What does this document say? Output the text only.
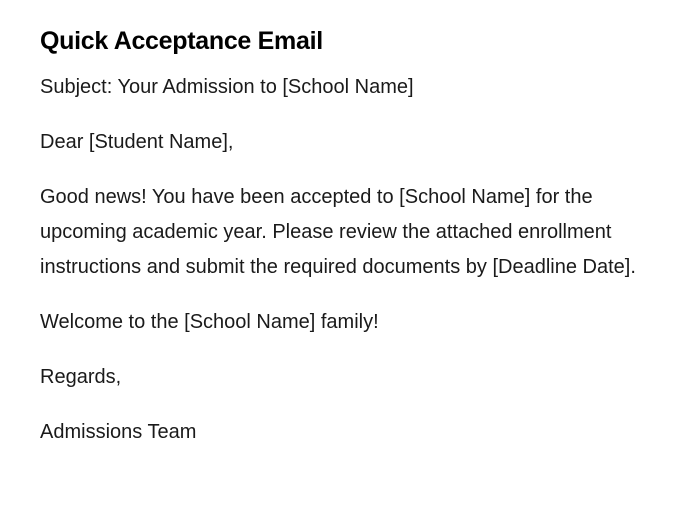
Quick Acceptance Email

Subject: Your Admission to [School Name]

Dear [Student Name],

Good news! You have been accepted to [School Name] for the upcoming academic year. Please review the attached enrollment instructions and submit the required documents by [Deadline Date].

Welcome to the [School Name] family!

Regards,

Admissions Team
